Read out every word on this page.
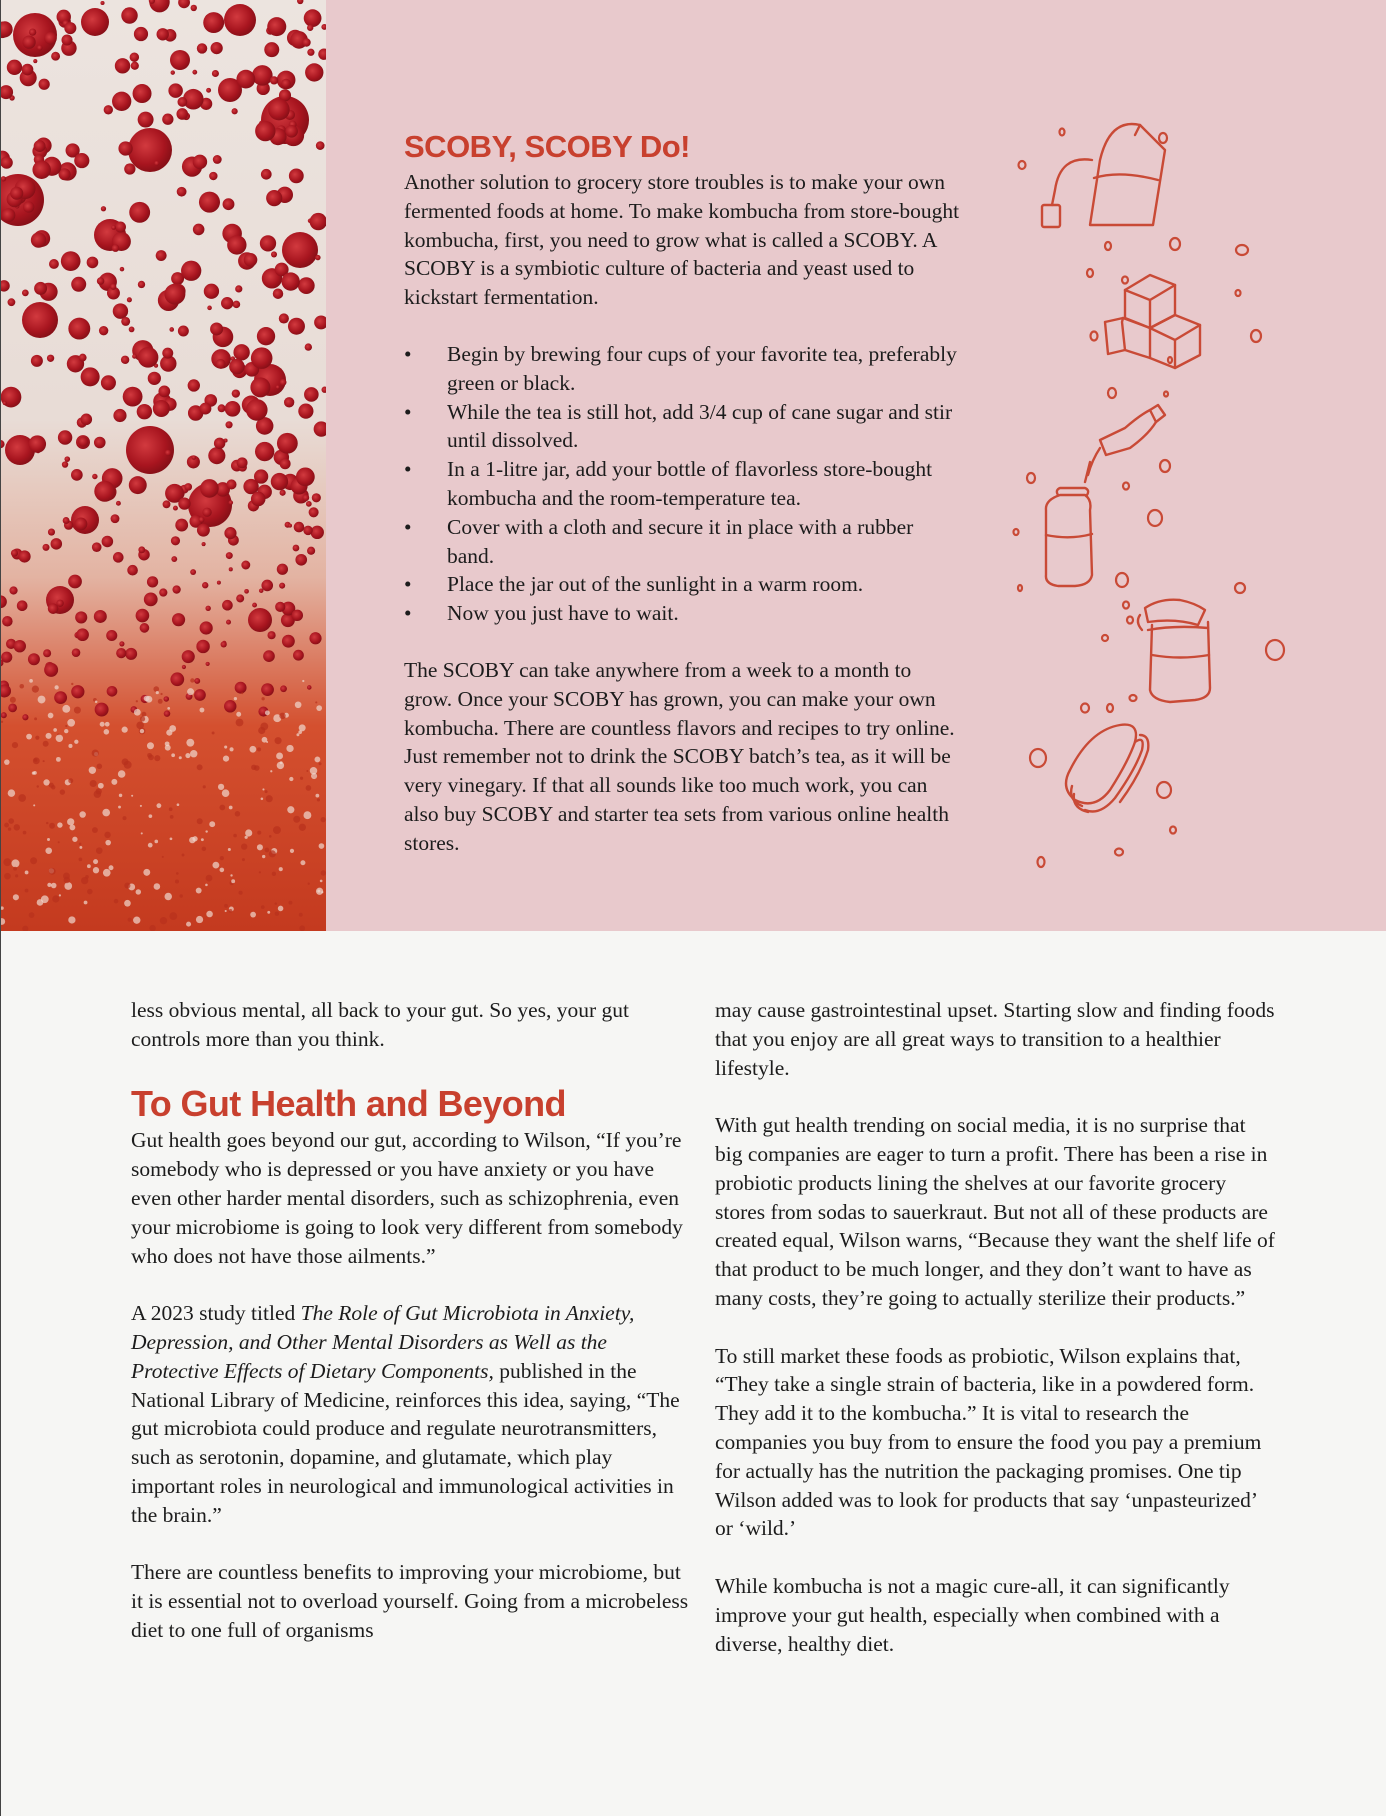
SCOBY, SCOBY Do!

Another solution to grocery store troubles is to make your own fermented foods at home. To make kombucha from store-bought kombucha, first, you need to grow what is called a SCOBY. A SCOBY is a symbiotic culture of bacteria and yeast used to kickstart fermentation.

•	Begin by brewing four cups of your favorite tea, preferably green or black.
•	While the tea is still hot, add 3/4 cup of cane sugar and stir until dissolved.
•	In a 1-litre jar, add your bottle of flavorless store-bought kombucha and the room-temperature tea.
•	Cover with a cloth and secure it in place with a rubber band.
•	Place the jar out of the sunlight in a warm room.
•	Now you just have to wait.

The SCOBY can take anywhere from a week to a month to grow. Once your SCOBY has grown, you can make your own kombucha. There are countless flavors and recipes to try online. Just remember not to drink the SCOBY batch’s tea, as it will be very vinegary. If that all sounds like too much work, you can also buy SCOBY and starter tea sets from various online health stores.

less obvious mental, all back to your gut. So yes, your gut controls more than you think.

To Gut Health and Beyond

Gut health goes beyond our gut, according to Wilson, “If you’re somebody who is depressed or you have anxiety or you have even other harder mental disorders, such as schizophrenia, even your microbiome is going to look very different from somebody who does not have those ailments.”

A 2023 study titled The Role of Gut Microbiota in Anxiety, Depression, and Other Mental Disorders as Well as the Protective Effects of Dietary Components, published in the National Library of Medicine, reinforces this idea, saying, “The gut microbiota could produce and regulate neurotransmitters, such as serotonin, dopamine, and glutamate, which play important roles in neurological and immunological activities in the brain.”

There are countless benefits to improving your microbiome, but it is essential not to overload yourself. Going from a microbeless diet to one full of organisms

may cause gastrointestinal upset. Starting slow and finding foods that you enjoy are all great ways to transition to a healthier lifestyle.

With gut health trending on social media, it is no surprise that big companies are eager to turn a profit. There has been a rise in probiotic products lining the shelves at our favorite grocery stores from sodas to sauerkraut. But not all of these products are created equal, Wilson warns, “Because they want the shelf life of that product to be much longer, and they don’t want to have as many costs, they’re going to actually sterilize their products.”

To still market these foods as probiotic, Wilson explains that, “They take a single strain of bacteria, like in a powdered form. They add it to the kombucha.” It is vital to research the companies you buy from to ensure the food you pay a premium for actually has the nutrition the packaging promises. One tip Wilson added was to look for products that say ‘unpasteurized’ or ‘wild.’

While kombucha is not a magic cure-all, it can significantly improve your gut health, especially when combined with a diverse, healthy diet.
